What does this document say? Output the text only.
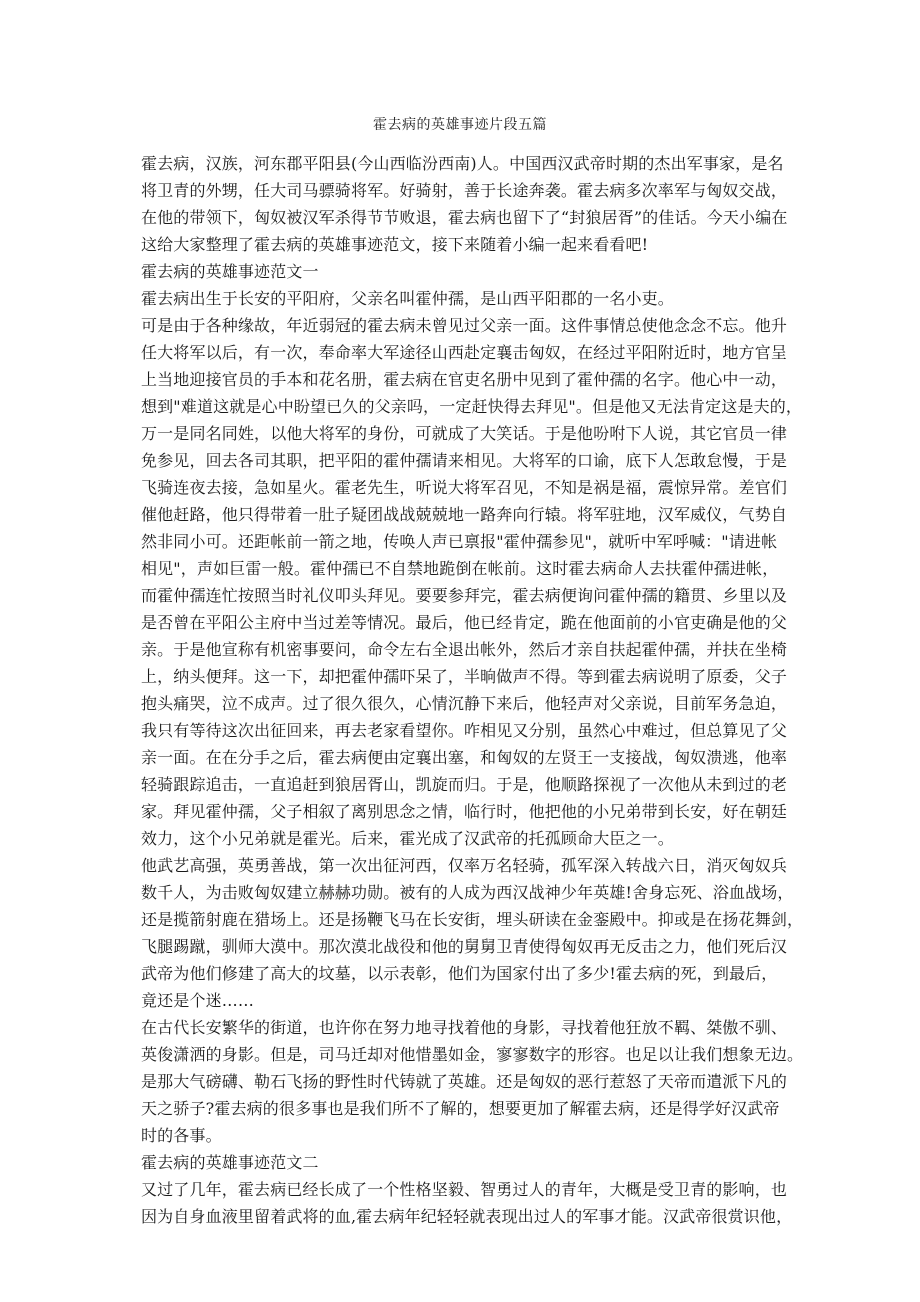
霍去病的英雄事迹片段五篇
霍去病，汉族，河东郡平阳县(今山西临汾西南)人。中国西汉武帝时期的杰出军事家，是名
将卫青的外甥，任大司马骠骑将军。好骑射，善于长途奔袭。霍去病多次率军与匈奴交战，
在他的带领下，匈奴被汉军杀得节节败退，霍去病也留下了“封狼居胥”的佳话。今天小编在
这给大家整理了霍去病的英雄事迹范文，接下来随着小编一起来看看吧!
霍去病的英雄事迹范文一
霍去病出生于长安的平阳府，父亲名叫霍仲孺，是山西平阳郡的一名小吏。
可是由于各种缘故，年近弱冠的霍去病未曾见过父亲一面。这件事情总使他念念不忘。他升
任大将军以后，有一次，奉命率大军途径山西赴定襄击匈奴，在经过平阳附近时，地方官呈
上当地迎接官员的手本和花名册，霍去病在官吏名册中见到了霍仲孺的名字。他心中一动，
想到"难道这就是心中盼望已久的父亲吗，一定赶快得去拜见"。但是他又无法肯定这是夫的，
万一是同名同姓，以他大将军的身份，可就成了大笑话。于是他吩咐下人说，其它官员一律
免参见，回去各司其职，把平阳的霍仲孺请来相见。大将军的口谕，底下人怎敢怠慢，于是
飞骑连夜去接，急如星火。霍老先生，听说大将军召见，不知是祸是福，震惊异常。差官们
催他赶路，他只得带着一肚子疑团战战兢兢地一路奔向行辕。将军驻地，汉军威仪，气势自
然非同小可。还距帐前一箭之地，传唤人声已禀报"霍仲孺参见"，就听中军呼喊："请进帐
相见"，声如巨雷一般。霍仲孺已不自禁地跪倒在帐前。这时霍去病命人去扶霍仲孺进帐，
而霍仲孺连忙按照当时礼仪叩头拜见。要要参拜完，霍去病便询问霍仲孺的籍贯、乡里以及
是否曾在平阳公主府中当过差等情况。最后，他已经肯定，跪在他面前的小官吏确是他的父
亲。于是他宣称有机密事要问，命令左右全退出帐外，然后才亲自扶起霍仲孺，并扶在坐椅
上，纳头便拜。这一下，却把霍仲孺吓呆了，半晌做声不得。等到霍去病说明了原委，父子
抱头痛哭，泣不成声。过了很久很久，心情沉静下来后，他轻声对父亲说，目前军务急迫，
我只有等待这次出征回来，再去老家看望你。咋相见又分别，虽然心中难过，但总算见了父
亲一面。在在分手之后，霍去病便由定襄出塞，和匈奴的左贤王一支接战，匈奴溃逃，他率
轻骑跟踪追击，一直追赶到狼居胥山，凯旋而归。于是，他顺路探视了一次他从未到过的老
家。拜见霍仲孺，父子相叙了离别思念之情，临行时，他把他的小兄弟带到长安，好在朝廷
效力，这个小兄弟就是霍光。后来，霍光成了汉武帝的托孤顾命大臣之一。
他武艺高强，英勇善战，第一次出征河西，仅率万名轻骑，孤军深入转战六日，消灭匈奴兵
数千人，为击败匈奴建立赫赫功勋。被有的人成为西汉战神少年英雄!舍身忘死、浴血战场，
还是揽箭射鹿在猎场上。还是扬鞭飞马在长安街，埋头研读在金銮殿中。抑或是在扬花舞剑，
飞腿踢蹴，驯师大漠中。那次漠北战役和他的舅舅卫青使得匈奴再无反击之力，他们死后汉
武帝为他们修建了高大的坟墓，以示表彰，他们为国家付出了多少!霍去病的死，到最后，
竟还是个迷……
在古代长安繁华的街道，也许你在努力地寻找着他的身影，寻找着他狂放不羁、桀傲不驯、
英俊潇洒的身影。但是，司马迁却对他惜墨如金，寥寥数字的形容。也足以让我们想象无边。
是那大气磅礴、勒石飞扬的野性时代铸就了英雄。还是匈奴的恶行惹怒了天帝而遣派下凡的
天之骄子?霍去病的很多事也是我们所不了解的，想要更加了解霍去病，还是得学好汉武帝
时的各事。
霍去病的英雄事迹范文二
又过了几年，霍去病已经长成了一个性格坚毅、智勇过人的青年，大概是受卫青的影响，也
因为自身血液里留着武将的血,霍去病年纪轻轻就表现出过人的军事才能。汉武帝很赏识他，
